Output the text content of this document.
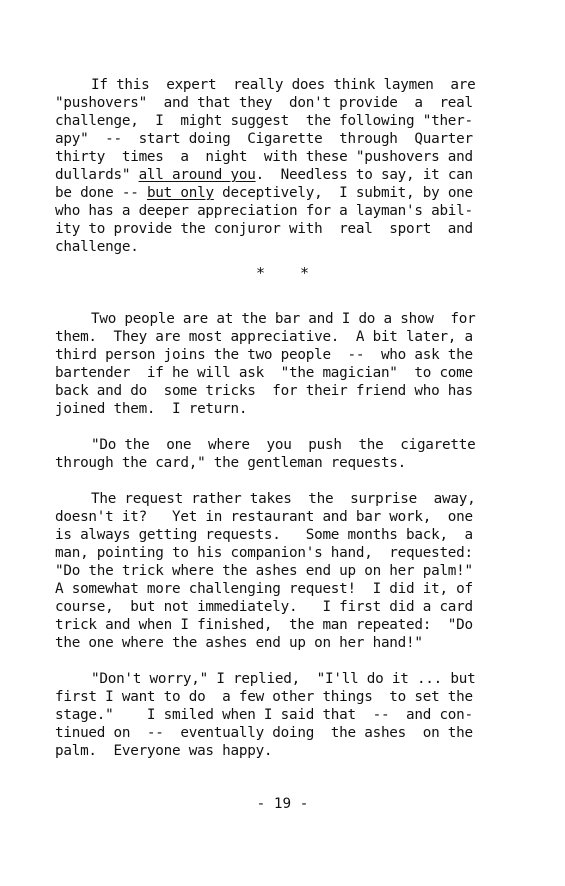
If this  expert  really does think laymen  are
"pushovers"  and that they  don't provide  a  real
challenge,  I  might suggest  the following "ther-
apy"  --  start doing  Cigarette  through  Quarter
thirty  times  a  night  with these "pushovers and
dullards" all around you.  Needless to say, it can
be done -- but only deceptively,  I submit, by one
who has a deeper appreciation for a layman's abil-
ity to provide the conjuror with  real  sport  and
challenge.
* *
Two people are at the bar and I do a show  for
them.  They are most appreciative.  A bit later, a
third person joins the two people  --  who ask the
bartender  if he will ask  "the magician"  to come
back and do  some tricks  for their friend who has
joined them.  I return.
"Do the  one  where  you  push  the  cigarette
through the card," the gentleman requests.
The request rather takes  the  surprise  away,
doesn't it?   Yet in restaurant and bar work,  one
is always getting requests.   Some months back,  a
man, pointing to his companion's hand,  requested:
"Do the trick where the ashes end up on her palm!"
A somewhat more challenging request!  I did it, of
course,  but not immediately.   I first did a card
trick and when I finished,  the man repeated:  "Do
the one where the ashes end up on her hand!"
"Don't worry," I replied,  "I'll do it ... but
first I want to do  a few other things  to set the
stage."    I smiled when I said that  --  and con-
tinued on  --  eventually doing  the ashes  on the
palm.  Everyone was happy.
- 19 -
